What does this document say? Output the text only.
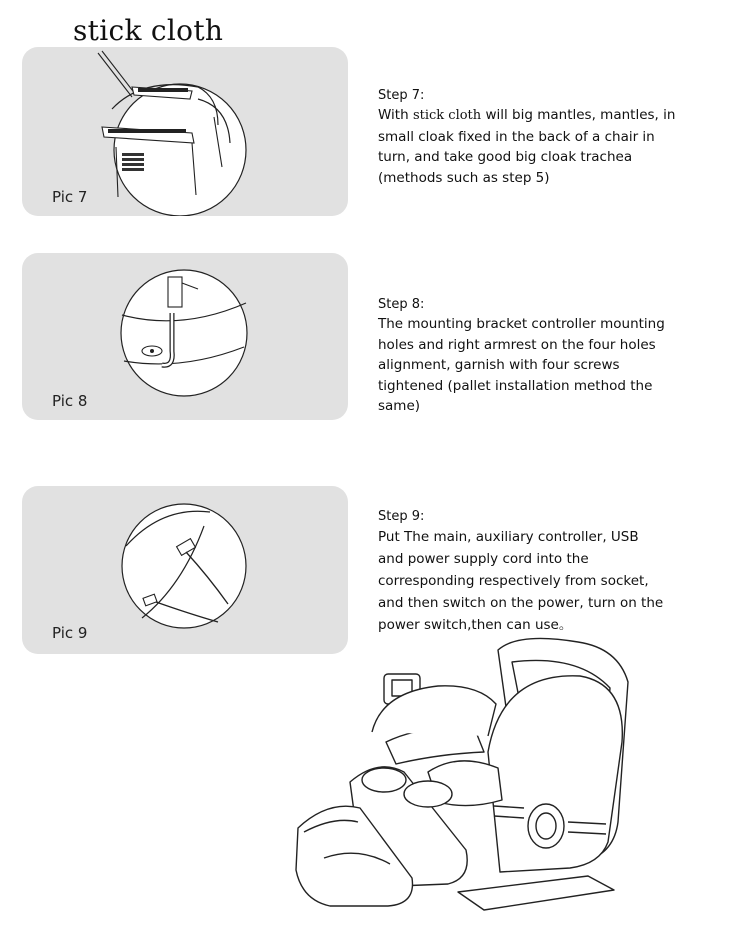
stick cloth
Pic 7
Pic 8
Pic 9
Step 7:
With stick cloth will big mantles, mantles, in small cloak fixed in the back of a chair in turn, and take good big cloak trachea (methods such as step 5)
Step 8:
The mounting bracket controller mounting holes and right armrest on the four holes alignment, garnish with four screws tightened (pallet installation method the same)
Step 9:
Put The main, auxiliary controller, USB and power supply cord into the corresponding respectively from socket, and then switch on the power, turn on the power switch,then can use。
